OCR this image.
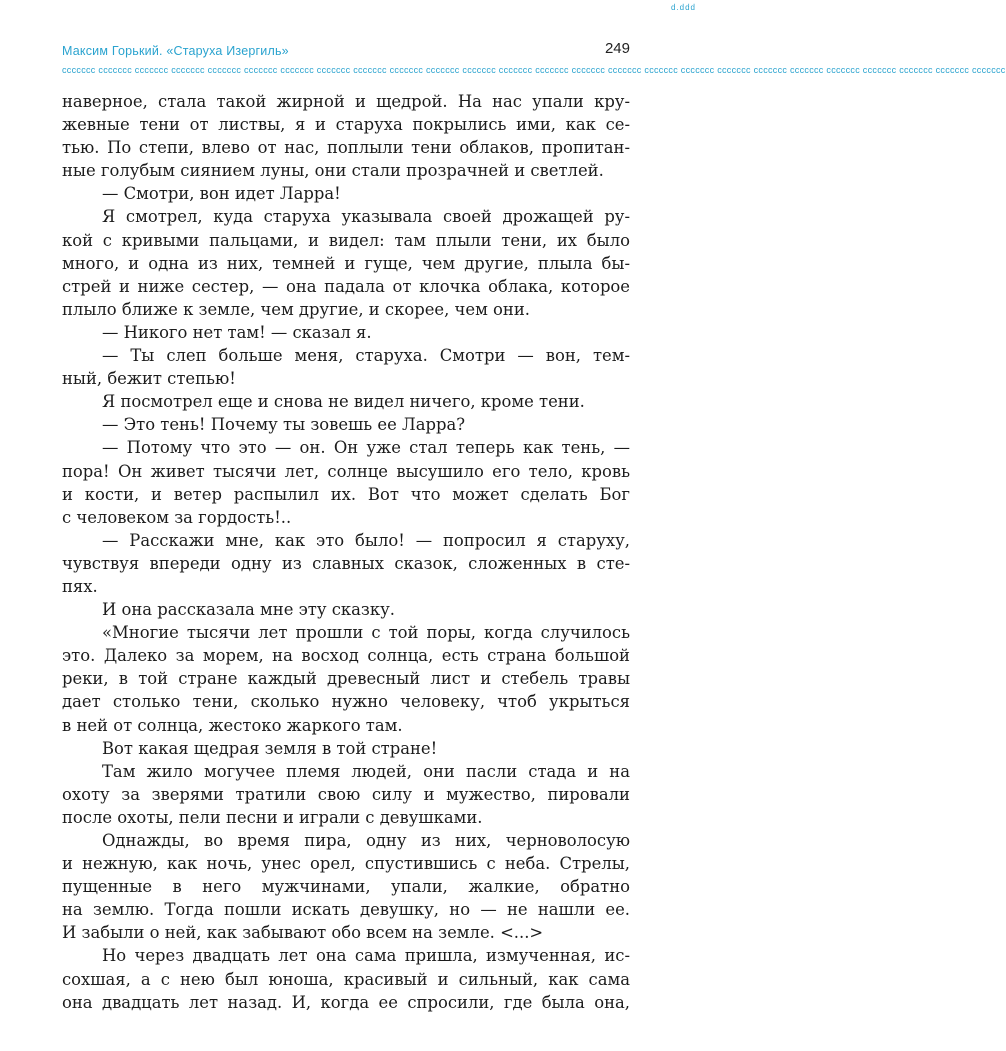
ԁ.ԁԁԁ
Максим Горький. «Старуха Изергиль»	249
ccccccc ccccccc ccccccc ccccccc ccccccc ccccccc ccccccc ccccccc ccccccc ccccccc ccccccc ccccccc ccccccc ccccccc ccccccc ccccccc ccccccc ccccccc ccccccc ccccccc ccccccc ccccccc ccccccc ccccccc ccccccc ccccccc
наверное, стала такой жирной и щедрой. На нас упали кру-
жевные тени от листвы, я и старуха покрылись ими, как се-
тью. По степи, влево от нас, поплыли тени облаков, пропитан-
ные голубым сиянием луны, они стали прозрачней и светлей.
— Смотри, вон идет Ларра!
Я смотрел, куда старуха указывала своей дрожащей ру-
кой с кривыми пальцами, и видел: там плыли тени, их было
много, и одна из них, темней и гуще, чем другие, плыла бы-
стрей и ниже сестер, — она падала от клочка облака, которое
плыло ближе к земле, чем другие, и скорее, чем они.
— Никого нет там! — сказал я.
— Ты слеп больше меня, старуха. Смотри — вон, тем-
ный, бежит степью!
Я посмотрел еще и снова не видел ничего, кроме тени.
— Это тень! Почему ты зовешь ее Ларра?
— Потому что это — он. Он уже стал теперь как тень, —
пора! Он живет тысячи лет, солнце высушило его тело, кровь
и кости, и ветер распылил их. Вот что может сделать Бог
с человеком за гордость!..
— Расскажи мне, как это было! — попросил я старуху,
чувствуя впереди одну из славных сказок, сложенных в сте-
пях.
И она рассказала мне эту сказку.
«Многие тысячи лет прошли с той поры, когда случилось
это. Далеко за морем, на восход солнца, есть страна большой
реки, в той стране каждый древесный лист и стебель травы
дает столько тени, сколько нужно человеку, чтоб укрыться
в ней от солнца, жестоко жаркого там.
Вот какая щедрая земля в той стране!
Там жило могучее племя людей, они пасли стада и на
охоту за зверями тратили свою силу и мужество, пировали
после охоты, пели песни и играли с девушками.
Однажды, во время пира, одну из них, черноволосую
и нежную, как ночь, унес орел, спустившись с неба. Стрелы,
пущенные в него мужчинами, упали, жалкие, обратно
на землю. Тогда пошли искать девушку, но — не нашли ее.
И забыли о ней, как забывают обо всем на земле. <...>
Но через двадцать лет она сама пришла, измученная, ис-
сохшая, а с нею был юноша, красивый и сильный, как сама
она двадцать лет назад. И, когда ее спросили, где была она,
